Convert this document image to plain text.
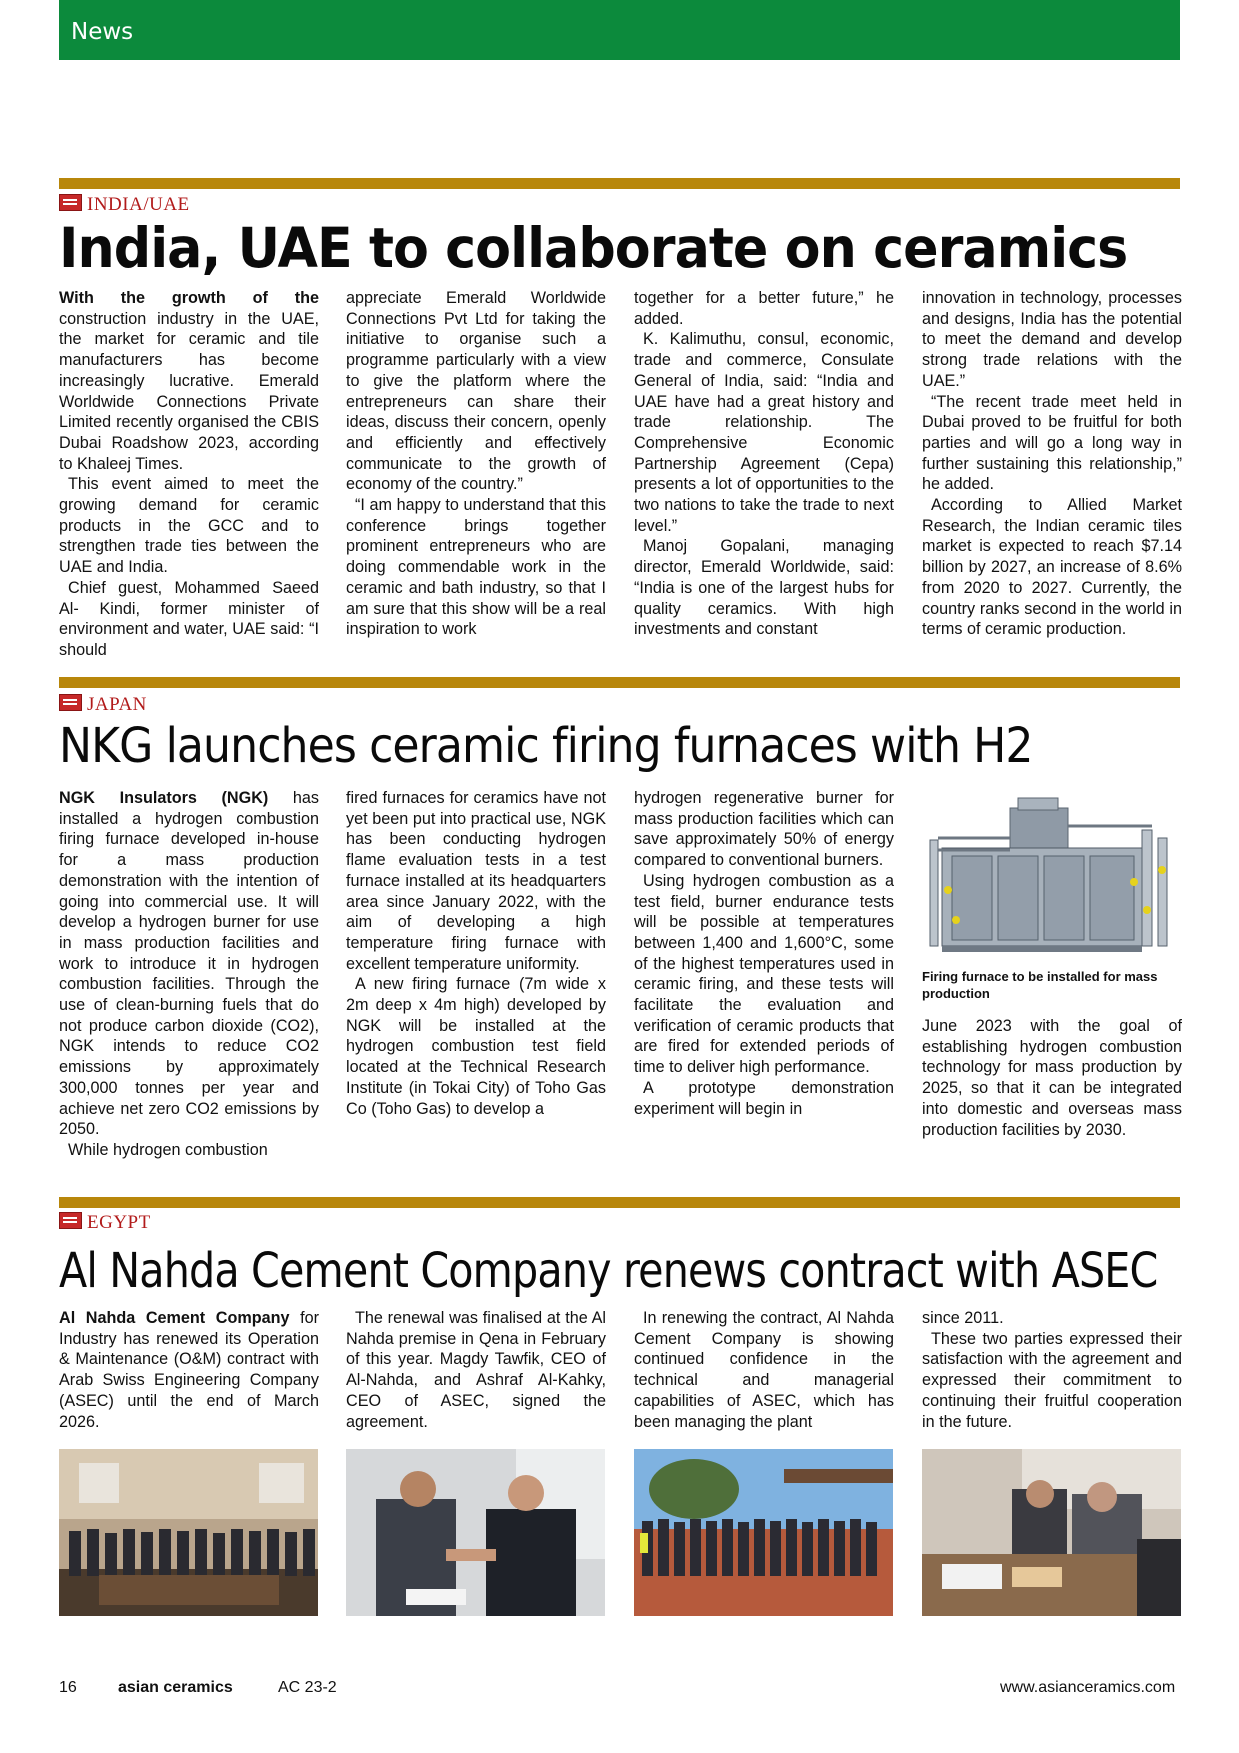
News
INDIA/UAE
India, UAE to collaborate on ceramics

With the growth of the construction industry in the UAE, the market for ceramic and tile manufacturers has become increasingly lucrative. Emerald Worldwide Connections Private Limited recently organised the CBIS Dubai Roadshow 2023, according to Khaleej Times.

This event aimed to meet the growing demand for ceramic products in the GCC and to strengthen trade ties between the UAE and India.

Chief guest, Mohammed Saeed Al- Kindi, former minister of environment and water, UAE said: “I should

appreciate Emerald Worldwide Connections Pvt Ltd for taking the initiative to organise such a programme particularly with a view to give the platform where the entrepreneurs can share their ideas, discuss their concern, openly and efficiently and effectively communicate to the growth of economy of the country.”

“I am happy to understand that this conference brings together prominent entrepreneurs who are doing commendable work in the ceramic and bath industry, so that I am sure that this show will be a real inspiration to work

together for a better future,” he added.

K. Kalimuthu, consul, economic, trade and commerce, Consulate General of India, said: “India and UAE have had a great history and trade relationship. The Comprehensive Economic Partnership Agreement (Cepa) presents a lot of opportunities to the two nations to take the trade to next level.”

Manoj Gopalani, managing director, Emerald Worldwide, said: “India is one of the largest hubs for quality ceramics. With high investments and constant

innovation in technology, processes and designs, India has the potential to meet the demand and develop strong trade relations with the UAE.”

“The recent trade meet held in Dubai proved to be fruitful for both parties and will go a long way in further sustaining this relationship,” he added.

According to Allied Market Research, the Indian ceramic tiles market is expected to reach $7.14 billion by 2027, an increase of 8.6% from 2020 to 2027. Currently, the country ranks second in the world in terms of ceramic production.

JAPAN
NKG launches ceramic firing furnaces with H2

NGK Insulators (NGK) has installed a hydrogen combustion firing furnace developed in-house for a mass production demonstration with the intention of going into commercial use. It will develop a hydrogen burner for use in mass production facilities and work to introduce it in hydrogen combustion facilities. Through the use of clean-burning fuels that do not produce carbon dioxide (CO2), NGK intends to reduce CO2 emissions by approximately 300,000 tonnes per year and achieve net zero CO2 emissions by 2050.

While hydrogen combustion

fired furnaces for ceramics have not yet been put into practical use, NGK has been conducting hydrogen flame evaluation tests in a test furnace installed at its headquarters area since January 2022, with the aim of developing a high temperature firing furnace with excellent temperature uniformity.

A new firing furnace (7m wide x 2m deep x 4m high) developed by NGK will be installed at the hydrogen combustion test field located at the Technical Research Institute (in Tokai City) of Toho Gas Co (Toho Gas) to develop a

hydrogen regenerative burner for mass production facilities which can save approximately 50% of energy compared to conventional burners.

Using hydrogen combustion as a test field, burner endurance tests will be possible at temperatures between 1,400 and 1,600°C, some of the highest temperatures used in ceramic firing, and these tests will facilitate the evaluation and verification of ceramic products that are fired for extended periods of time to deliver high performance.

A prototype demonstration experiment will begin in

June 2023 with the goal of establishing hydrogen combustion technology for mass production by 2025, so that it can be integrated into domestic and overseas mass production facilities by 2030.

Firing furnace to be installed for mass production
EGYPT
Al Nahda Cement Company renews contract with ASEC

Al Nahda Cement Company for Industry has renewed its Operation & Maintenance (O&M) contract with Arab Swiss Engineering Company (ASEC) until the end of March 2026.

The renewal was finalised at the Al Nahda premise in Qena in February of this year. Magdy Tawfik, CEO of Al-Nahda, and Ashraf Al-Kahky, CEO of ASEC, signed the agreement.

In renewing the contract, Al Nahda Cement Company is showing continued confidence in the technical and managerial capabilities of ASEC, which has been managing the plant

since 2011.

These two parties expressed their satisfaction with the agreement and expressed their commitment to continuing their fruitful cooperation in the future.

16	asian ceramics	AC 23-2	www.asianceramics.com
